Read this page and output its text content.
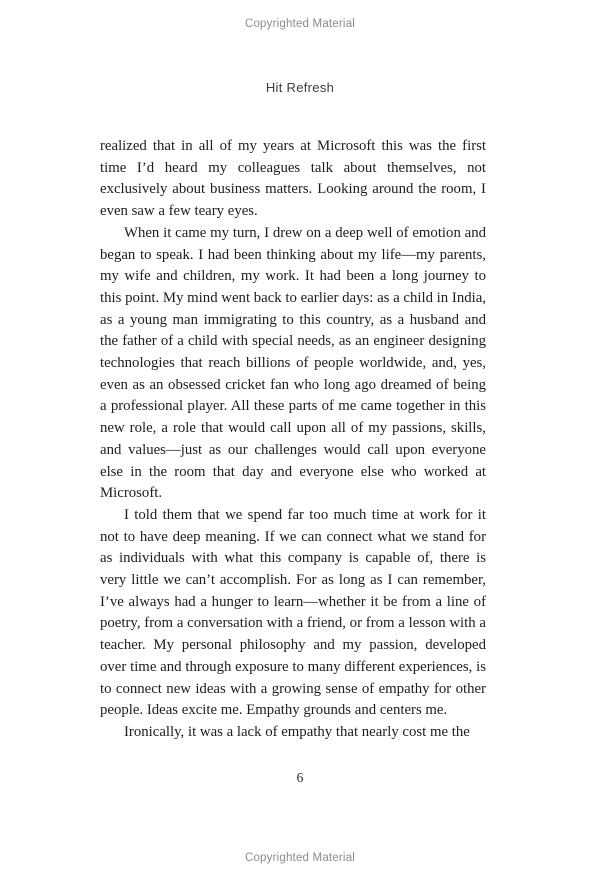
Copyrighted Material
Hit Refresh

realized that in all of my years at Microsoft this was the first time I’d heard my colleagues talk about themselves, not exclusively about business matters. Looking around the room, I even saw a few teary eyes.

When it came my turn, I drew on a deep well of emotion and began to speak. I had been thinking about my life—my parents, my wife and children, my work. It had been a long journey to this point. My mind went back to earlier days: as a child in India, as a young man immigrating to this country, as a husband and the father of a child with special needs, as an engineer designing technologies that reach billions of people worldwide, and, yes, even as an obsessed cricket fan who long ago dreamed of being a professional player. All these parts of me came together in this new role, a role that would call upon all of my passions, skills, and values—just as our challenges would call upon everyone else in the room that day and everyone else who worked at Microsoft.

I told them that we spend far too much time at work for it not to have deep meaning. If we can connect what we stand for as individuals with what this company is capable of, there is very little we can’t accomplish. For as long as I can remember, I’ve always had a hunger to learn—whether it be from a line of poetry, from a conversation with a friend, or from a lesson with a teacher. My personal philosophy and my passion, developed over time and through exposure to many different experiences, is to connect new ideas with a growing sense of empathy for other people. Ideas excite me. Empathy grounds and centers me.

Ironically, it was a lack of empathy that nearly cost me the

6
Copyrighted Material
